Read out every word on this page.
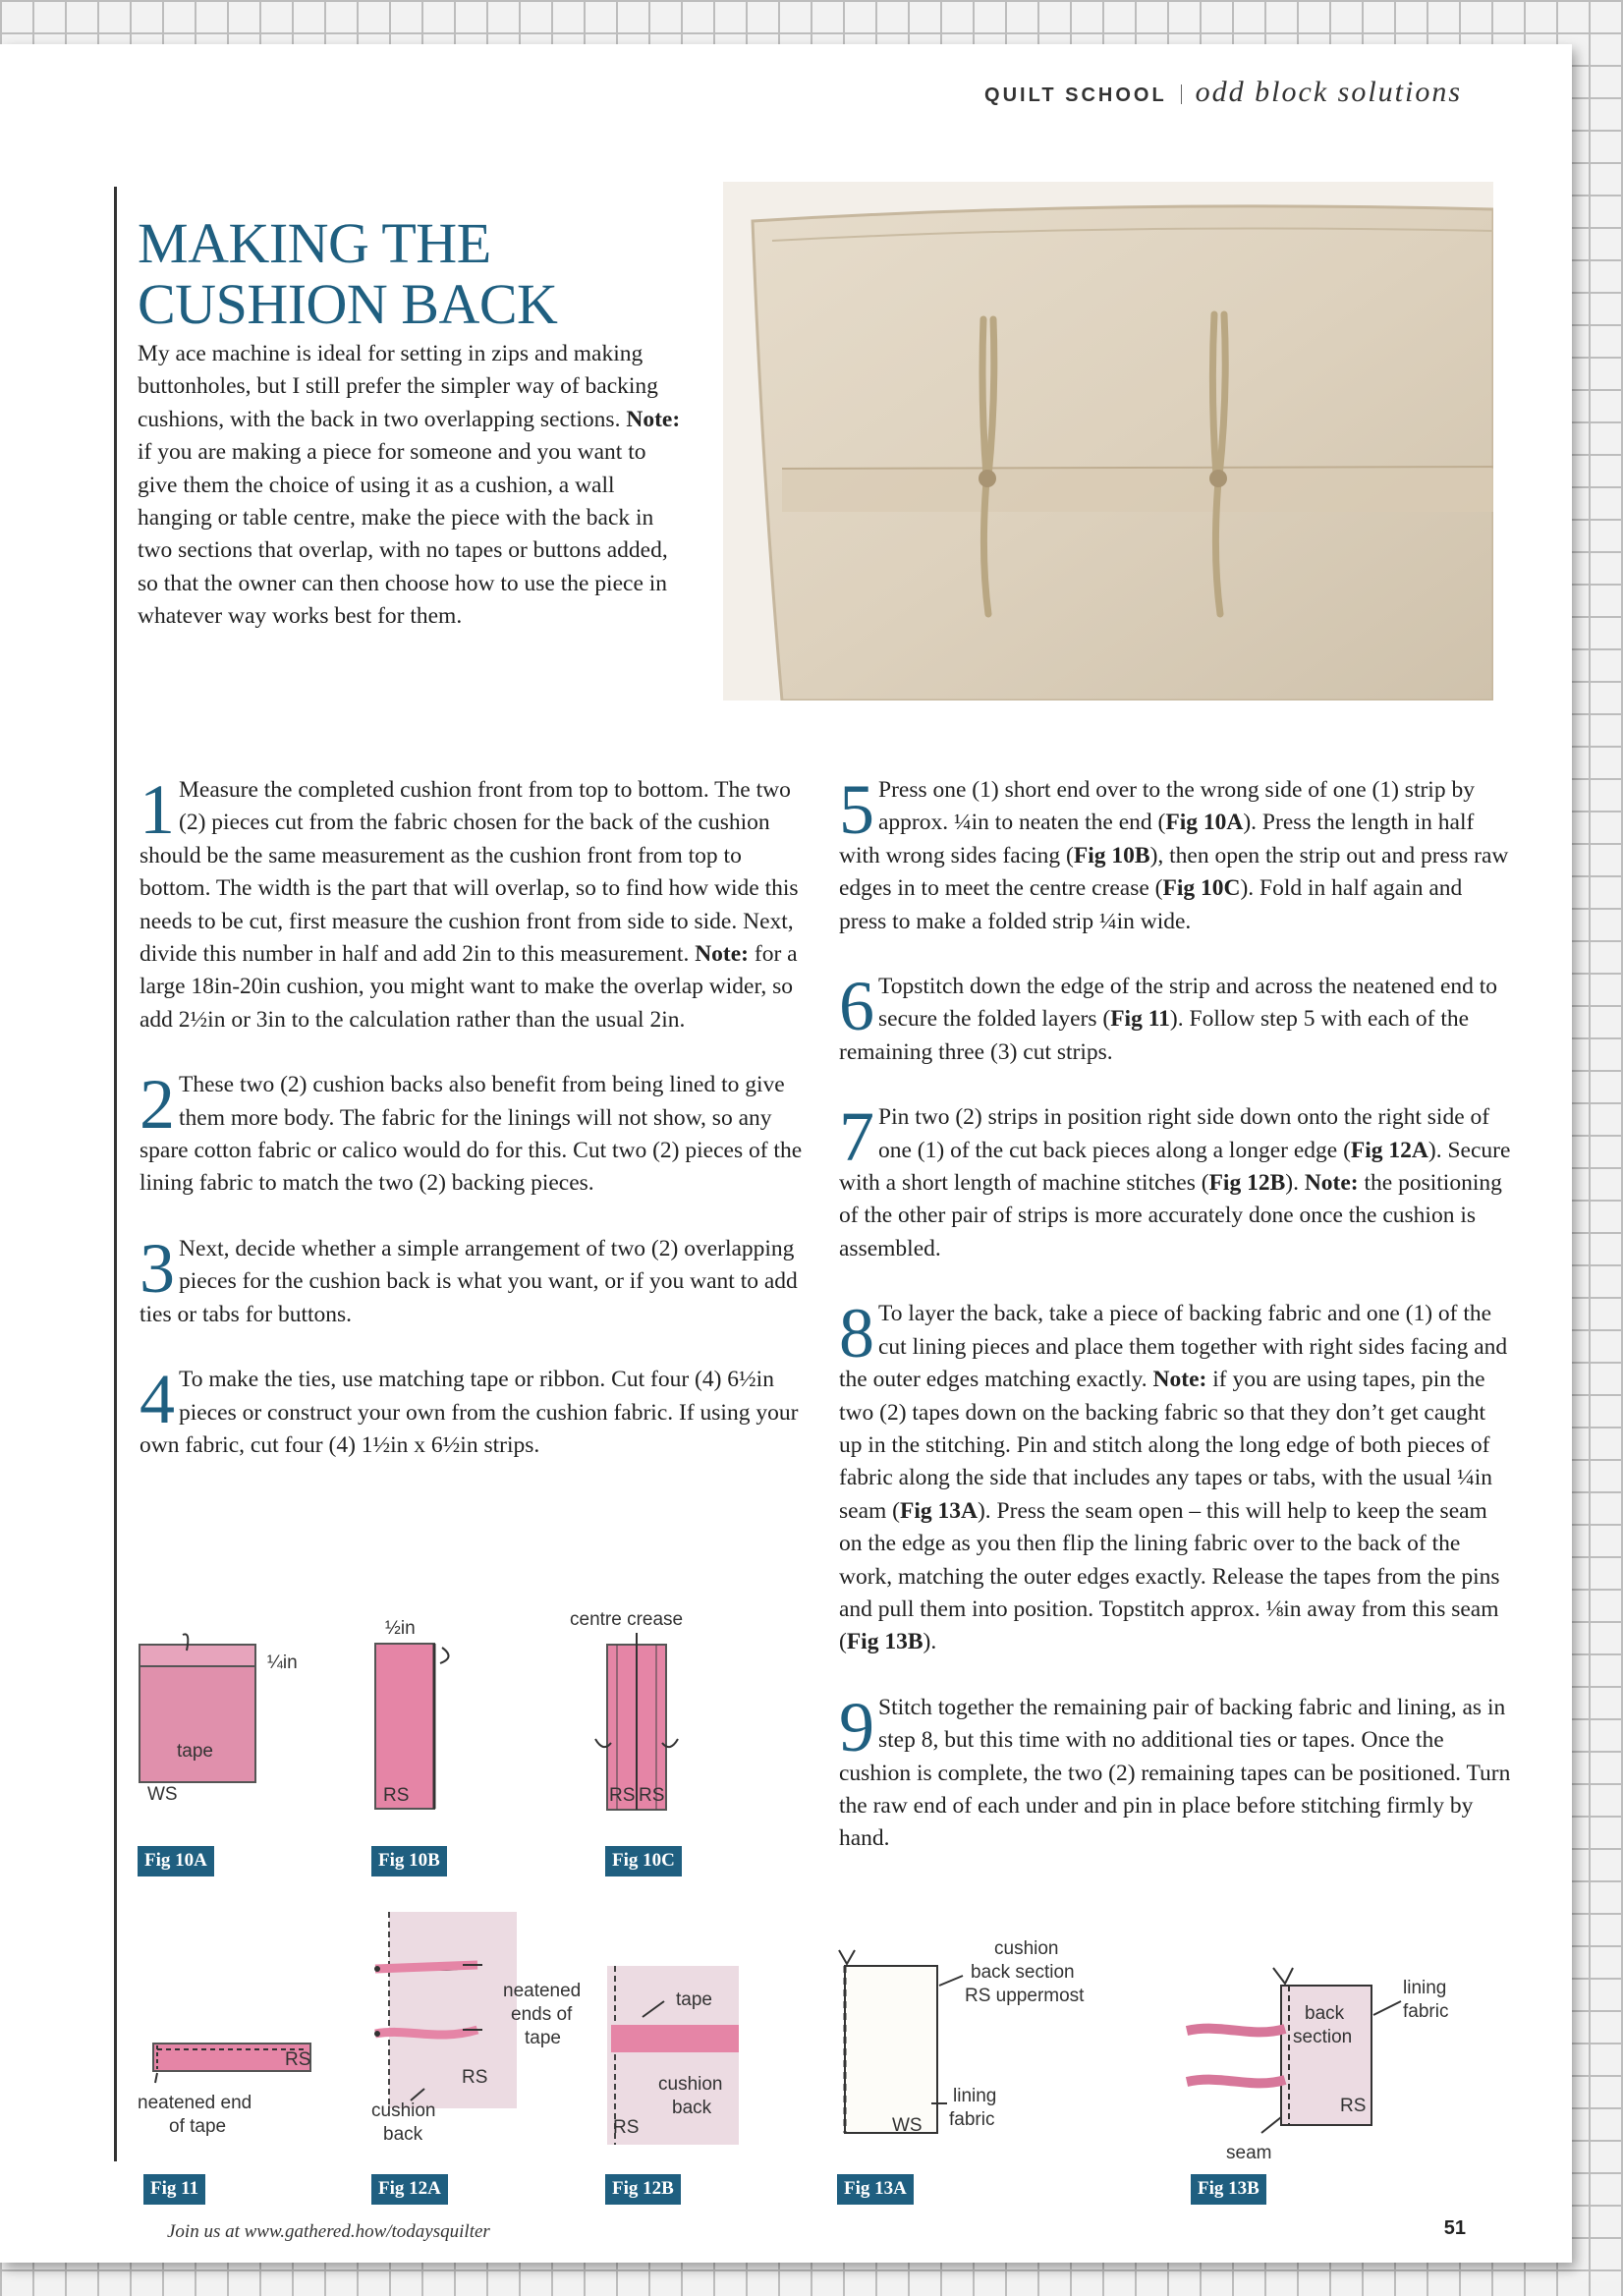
QUILT SCHOOL odd block solutions
MAKING THE
CUSHION BACK
My ace machine is ideal for setting in zips and making buttonholes, but I still prefer the simpler way of backing cushions, with the back in two overlapping sections. Note: if you are making a piece for someone and you want to give them the choice of using it as a cushion, a wall hanging or table centre, make the piece with the back in two sections that overlap, with no tapes or buttons added, so that the owner can then choose how to use the piece in whatever way works best for them.

1 Measure the completed cushion front from top to bottom. The two (2) pieces cut from the fabric chosen for the back of the cushion should be the same measurement as the cushion front from top to bottom. The width is the part that will overlap, so to find how wide this needs to be cut, first measure the cushion front from side to side. Next, divide this number in half and add 2in to this measurement. Note: for a large 18in-20in cushion, you might want to make the overlap wider, so add 2½in or 3in to the calculation rather than the usual 2in.

2 These two (2) cushion backs also benefit from being lined to give them more body. The fabric for the linings will not show, so any spare cotton fabric or calico would do for this. Cut two (2) pieces of the lining fabric to match the two (2) backing pieces.

3 Next, decide whether a simple arrangement of two (2) overlapping pieces for the cushion back is what you want, or if you want to add ties or tabs for buttons.

4 To make the ties, use matching tape or ribbon. Cut four (4) 6½in pieces or construct your own from the cushion fabric. If using your own fabric, cut four (4) 1½in x 6½in strips.

5 Press one (1) short end over to the wrong side of one (1) strip by approx. ¼in to neaten the end (Fig 10A). Press the length in half with wrong sides facing (Fig 10B), then open the strip out and press raw edges in to meet the centre crease (Fig 10C). Fold in half again and press to make a folded strip ¼in wide.

6 Topstitch down the edge of the strip and across the neatened end to secure the folded layers (Fig 11). Follow step 5 with each of the remaining three (3) cut strips.

7 Pin two (2) strips in position right side down onto the right side of one (1) of the cut back pieces along a longer edge (Fig 12A). Secure with a short length of machine stitches (Fig 12B). Note: the positioning of the other pair of strips is more accurately done once the cushion is assembled.

8 To layer the back, take a piece of backing fabric and one (1) of the cut lining pieces and place them together with right sides facing and the outer edges matching exactly. Note: if you are using tapes, pin the two (2) tapes down on the backing fabric so that they don’t get caught up in the stitching. Pin and stitch along the long edge of both pieces of fabric along the side that includes any tapes or tabs, with the usual ¼in seam (Fig 13A). Press the seam open – this will help to keep the seam on the edge as you then flip the lining fabric over to the back of the work, matching the outer edges exactly. Release the tapes from the pins and pull them into position. Topstitch approx. ⅛in away from this seam (Fig 13B).

9 Stitch together the remaining pair of backing fabric and lining, as in step 8, but this time with no additional ties or tapes. Once the cushion is complete, the two (2) remaining tapes can be positioned. Turn the raw end of each under and pin in place before stitching firmly by hand.

¼in
tape
WS
Fig 10A
½in
RS
Fig 10B
centre crease
RS RS
Fig 10C
RS
neatened end
of tape
Fig 11
neatened
ends of
tape
RS
cushion
back
Fig 12A
tape
cushion
back
RS
Fig 12B
cushion
back section
RS uppermost
lining
fabric
WS
Fig 13A
back
section
lining
fabric
RS
seam
Fig 13B
Join us at www.gathered.how/todaysquilter	51
